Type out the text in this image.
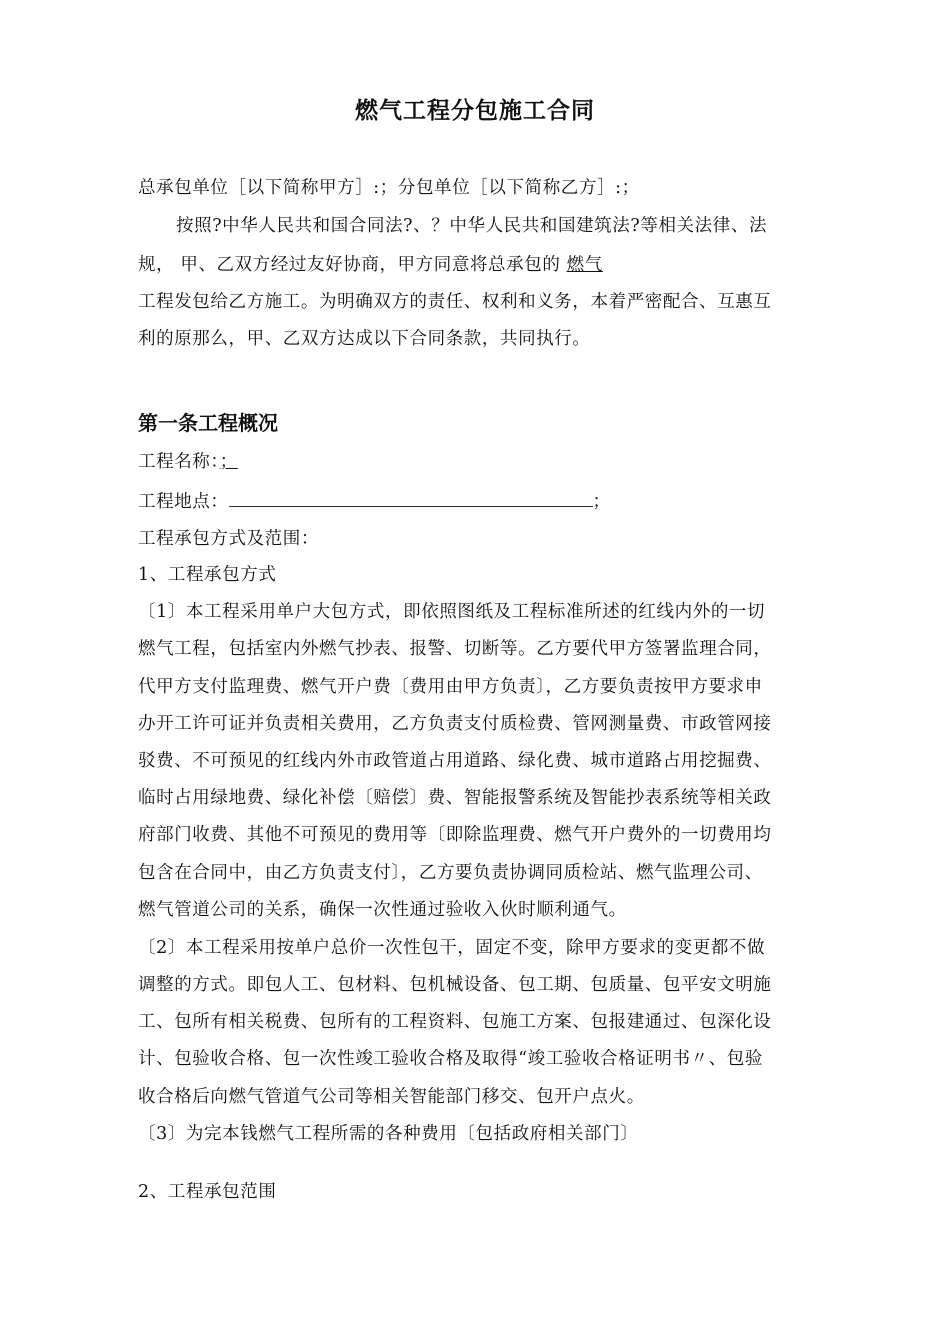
燃气工程分包施工合同
总承包单位［以下简称甲方］:；分包单位［以下简称乙方］:；
按照?中华人民共和国合同法?、？中华人民共和国建筑法?等相关法律、法
规， 甲、乙双方经过友好协商，甲方同意将总承包的 燃气
工程发包给乙方施工。为明确双方的责任、权利和义务，本着严密配合、互惠互
利的原那么，甲、乙双方达成以下合同条款，共同执行。
第一条工程概况
工程名称：；
工程地点：	；
工程承包方式及范围：
1、工程承包方式
〔1〕本工程采用单户大包方式，即依照图纸及工程标准所述的红线内外的一切
燃气工程，包括室内外燃气抄表、报警、切断等。乙方要代甲方签署监理合同，
代甲方支付监理费、燃气开户费〔费用由甲方负责〕，乙方要负责按甲方要求申
办开工许可证并负责相关费用，乙方负责支付质检费、管网测量费、市政管网接
驳费、不可预见的红线内外市政管道占用道路、绿化费、城市道路占用挖掘费、
临时占用绿地费、绿化补偿〔赔偿〕费、智能报警系统及智能抄表系统等相关政
府部门收费、其他不可预见的费用等〔即除监理费、燃气开户费外的一切费用均
包含在合同中，由乙方负责支付〕，乙方要负责协调同质检站、燃气监理公司、
燃气管道公司的关系，确保一次性通过验收入伙时顺利通气。
〔2〕本工程采用按单户总价一次性包干，固定不变，除甲方要求的变更都不做
调整的方式。即包人工、包材料、包机械设备、包工期、包质量、包平安文明施
工、包所有相关税费、包所有的工程资料、包施工方案、包报建通过、包深化设
计、包验收合格、包一次性竣工验收合格及取得“竣工验收合格证明书〃、包验
收合格后向燃气管道气公司等相关智能部门移交、包开户点火。
〔3〕为完本钱燃气工程所需的各种费用〔包括政府相关部门〕
2、工程承包范围
